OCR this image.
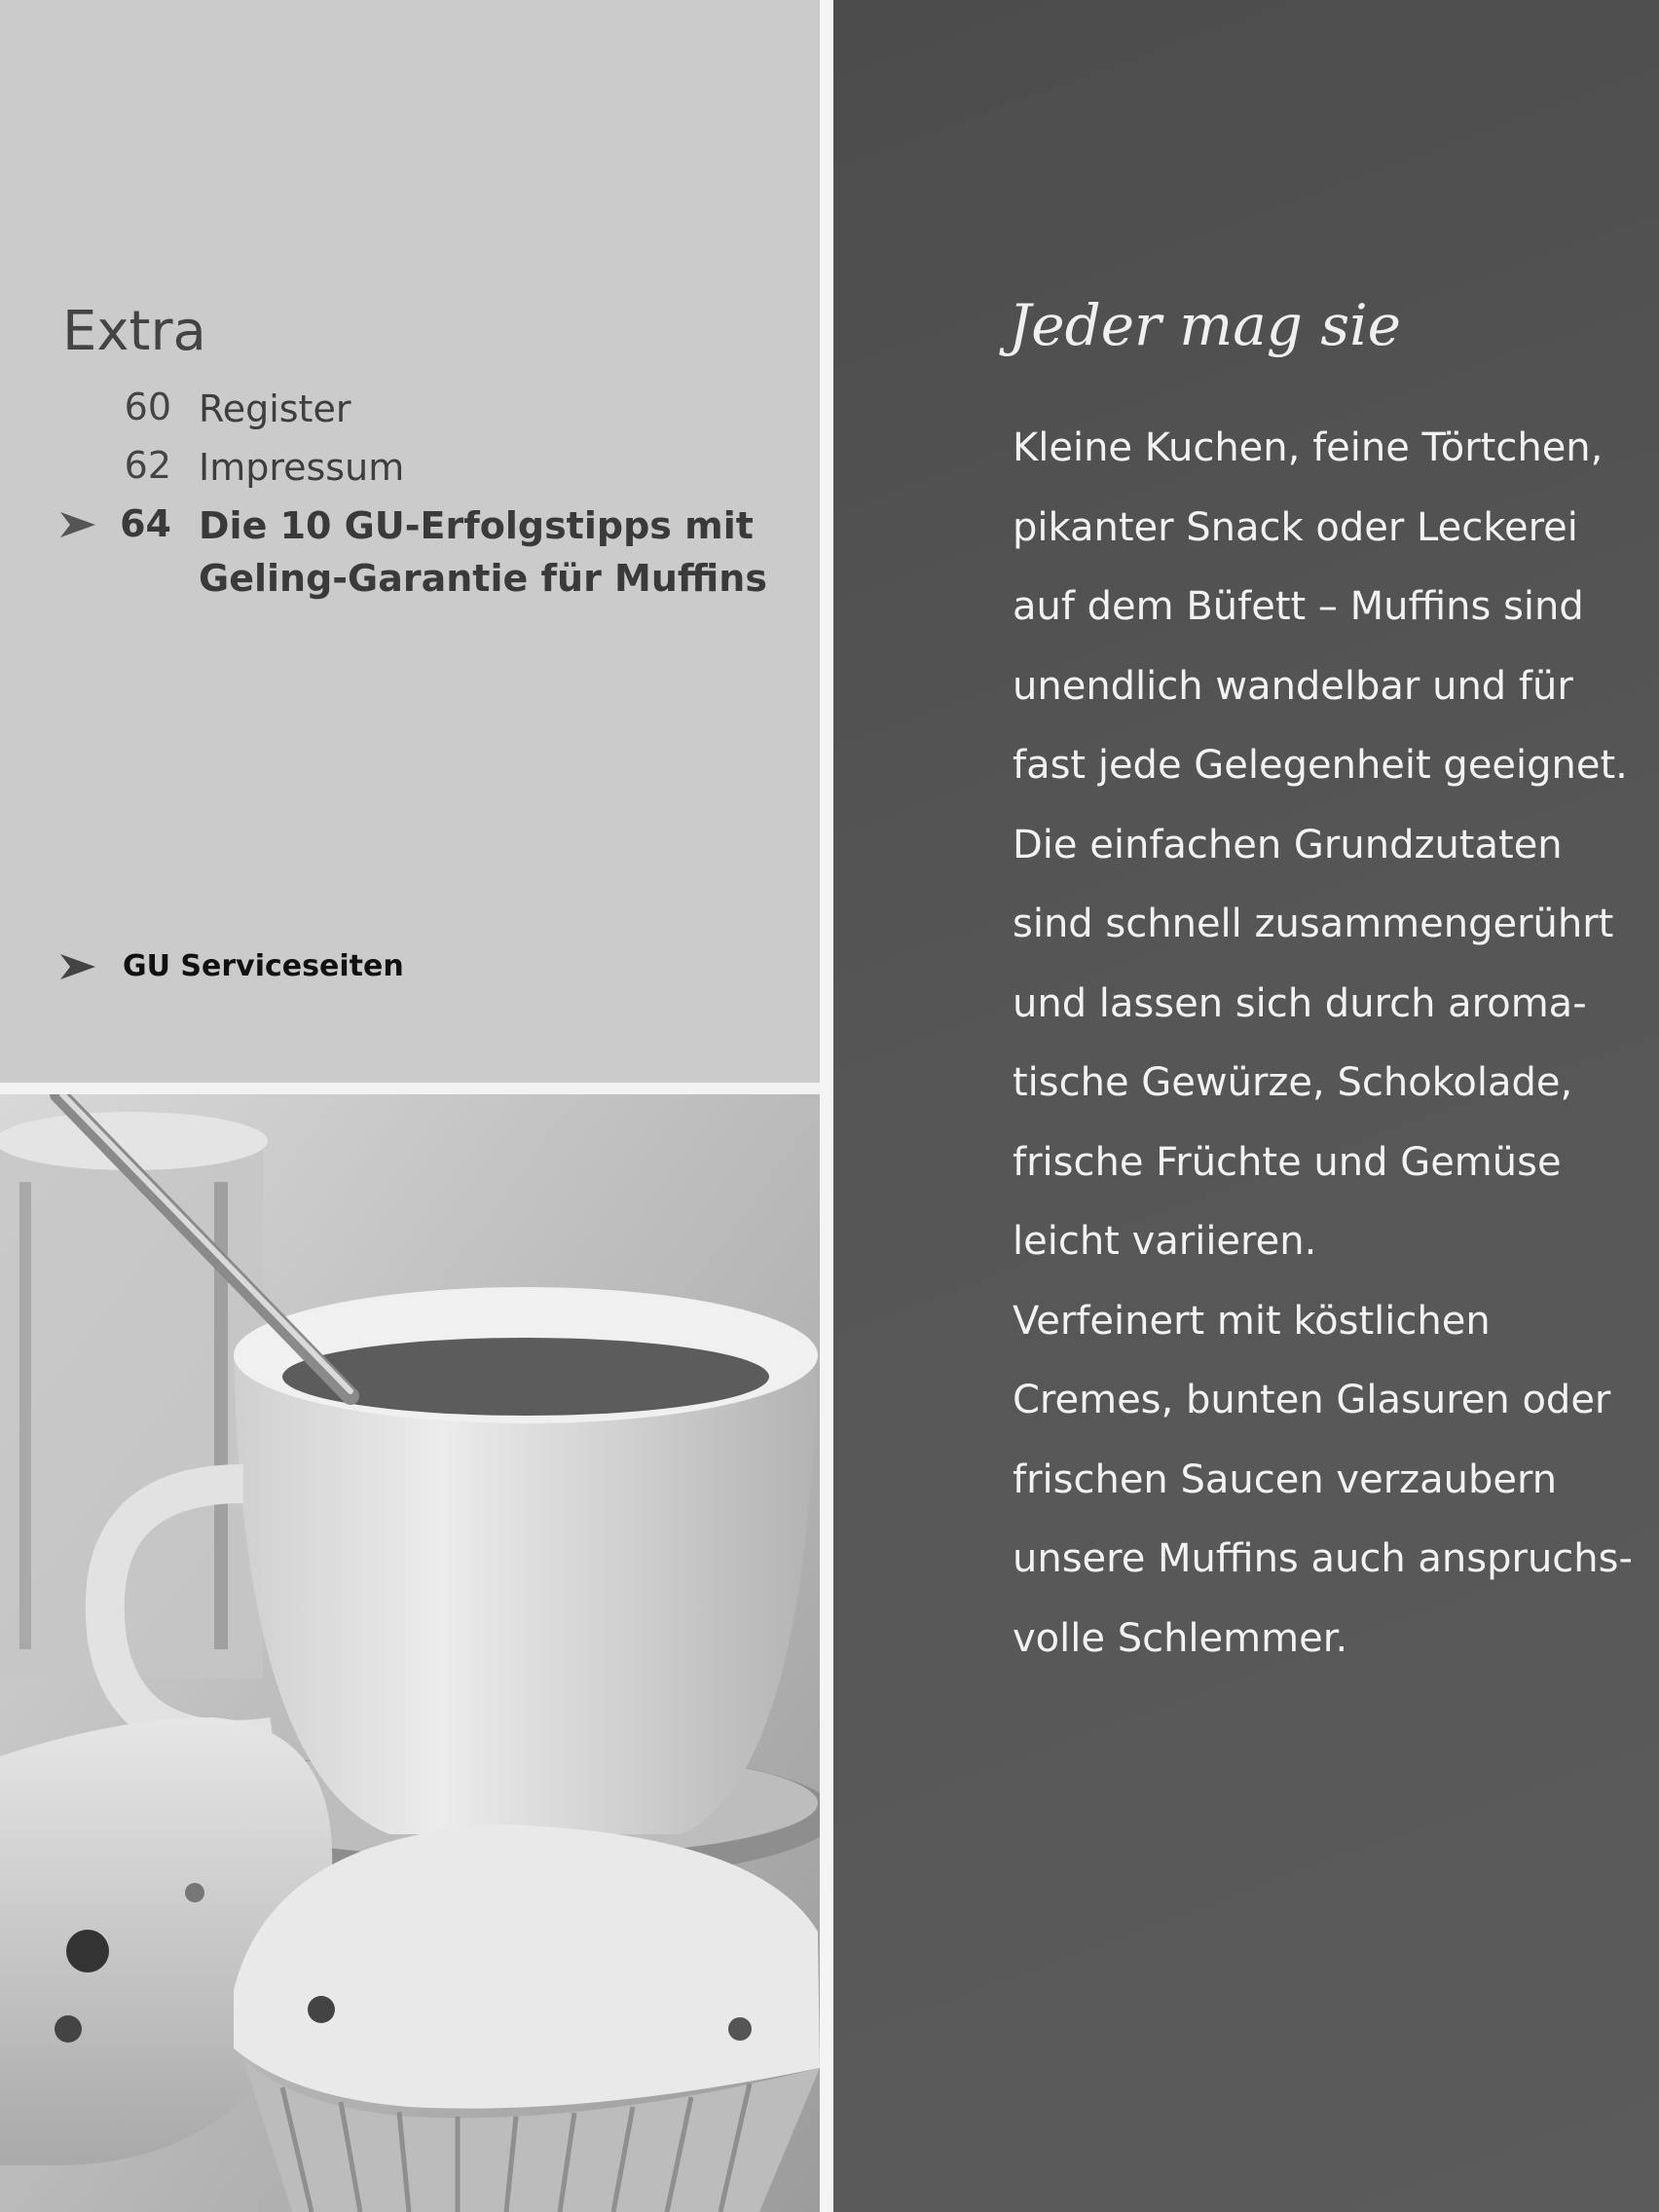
Extra
60 Register
62 Impressum
64 Die 10 GU-Erfolgstipps mit
Geling-Garantie für Muffins
GU Serviceseiten
Jeder mag sie
Kleine Kuchen, feine Törtchen,
pikanter Snack oder Leckerei
auf dem Büfett – Muffins sind
unendlich wandelbar und für
fast jede Gelegenheit geeignet.
Die einfachen Grundzutaten
sind schnell zusammengerührt
und lassen sich durch aroma-
tische Gewürze, Schokolade,
frische Früchte und Gemüse
leicht variieren.
Verfeinert mit köstlichen
Cremes, bunten Glasuren oder
frischen Saucen verzaubern
unsere Muffins auch anspruchs-
volle Schlemmer.
